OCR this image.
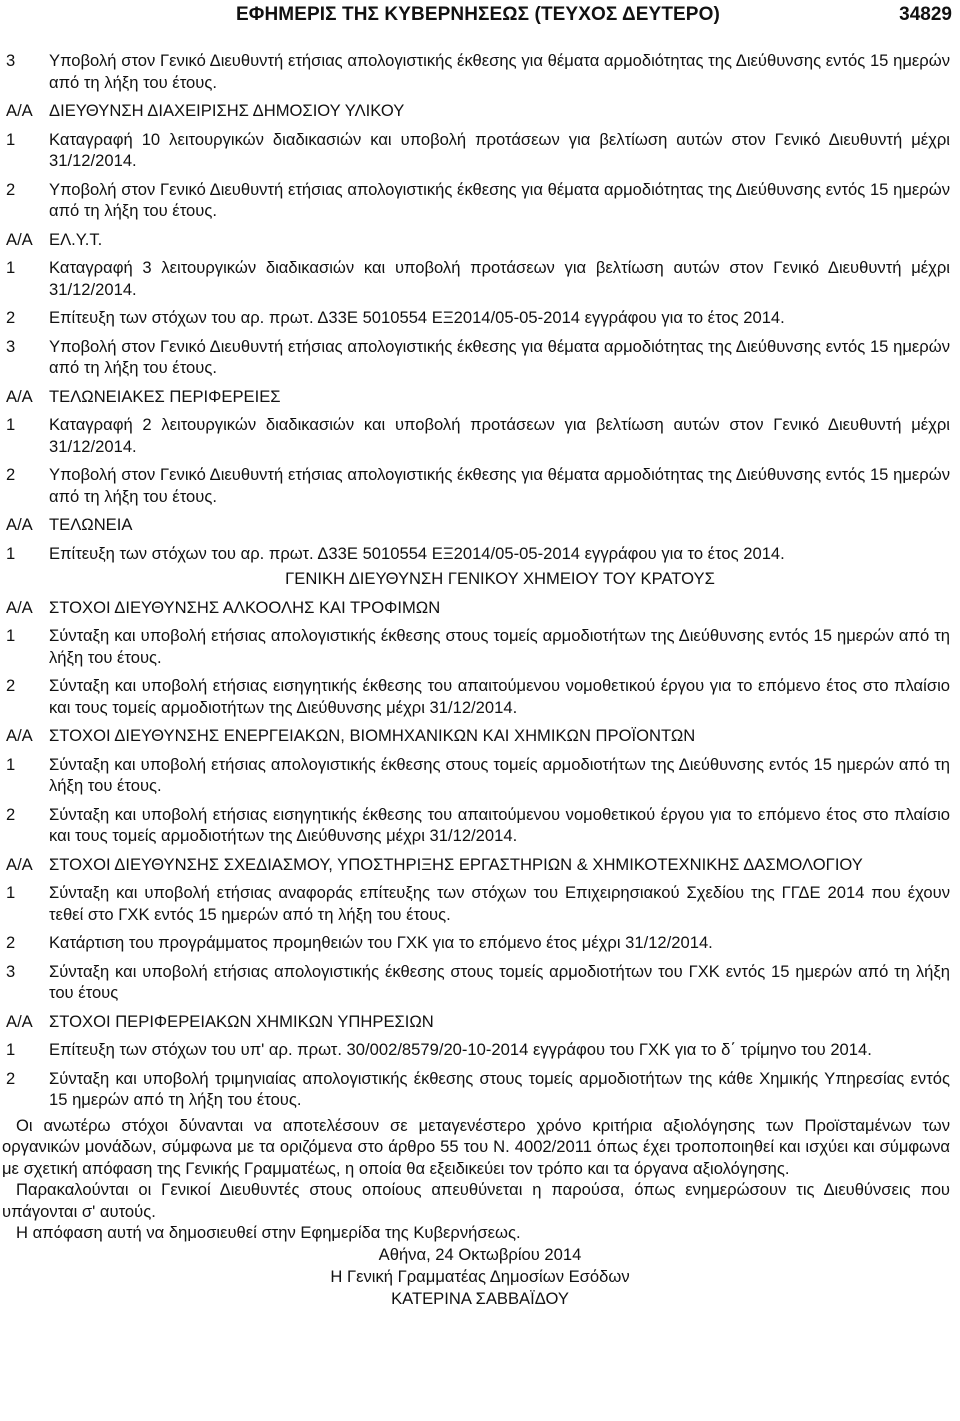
ΕΦΗΜΕΡΙΣ ΤΗΣ ΚΥΒΕΡΝΗΣΕΩΣ (ΤΕΥΧΟΣ ΔΕΥΤΕΡΟ)	34829
3 Υποβολή στον Γενικό Διευθυντή ετήσιας απολογιστικής έκθεσης για θέματα αρμοδιότητας της Διεύθυνσης εντός 15 ημερών από τη λήξη του έτους.
Α/Α ΔΙΕΥΘΥΝΣΗ ΔΙΑΧΕΙΡΙΣΗΣ ΔΗΜΟΣΙΟΥ ΥΛΙΚΟΥ
1 Καταγραφή 10 λειτουργικών διαδικασιών και υποβολή προτάσεων για βελτίωση αυτών στον Γενικό Διευθυντή μέχρι 31/12/2014.
2 Υποβολή στον Γενικό Διευθυντή ετήσιας απολογιστικής έκθεσης για θέματα αρμοδιότητας της Διεύθυνσης εντός 15 ημερών από τη λήξη του έτους.
Α/Α ΕΛ.Υ.Τ.
1 Καταγραφή 3 λειτουργικών διαδικασιών και υποβολή προτάσεων για βελτίωση αυτών στον Γενικό Διευθυντή μέχρι 31/12/2014.
2 Επίτευξη των στόχων του αρ. πρωτ. Δ33Ε 5010554 ΕΞ2014/05-05-2014 εγγράφου για το έτος 2014.
3 Υποβολή στον Γενικό Διευθυντή ετήσιας απολογιστικής έκθεσης για θέματα αρμοδιότητας της Διεύθυνσης εντός 15 ημερών από τη λήξη του έτους.
Α/Α ΤΕΛΩΝΕΙΑΚΕΣ ΠΕΡΙΦΕΡΕΙΕΣ
1 Καταγραφή 2 λειτουργικών διαδικασιών και υποβολή προτάσεων για βελτίωση αυτών στον Γενικό Διευθυντή μέχρι 31/12/2014.
2 Υποβολή στον Γενικό Διευθυντή ετήσιας απολογιστικής έκθεσης για θέματα αρμοδιότητας της Διεύθυνσης εντός 15 ημερών από τη λήξη του έτους.
Α/Α ΤΕΛΩΝΕΙΑ
1 Επίτευξη των στόχων του αρ. πρωτ. Δ33Ε 5010554 ΕΞ2014/05-05-2014 εγγράφου για το έτος 2014.
ΓΕΝΙΚΗ ΔΙΕΥΘΥΝΣΗ ΓΕΝΙΚΟΥ ΧΗΜΕΙΟΥ ΤΟΥ ΚΡΑΤΟΥΣ
Α/Α ΣΤΟΧΟΙ ΔΙΕΥΘΥΝΣΗΣ ΑΛΚΟΟΛΗΣ ΚΑΙ ΤΡΟΦΙΜΩΝ
1 Σύνταξη και υποβολή ετήσιας απολογιστικής έκθεσης στους τομείς αρμοδιοτήτων της Διεύθυνσης εντός 15 ημερών από τη λήξη του έτους.
2 Σύνταξη και υποβολή ετήσιας εισηγητικής έκθεσης του απαιτούμενου νομοθετικού έργου για το επόμενο έτος στο πλαίσιο και τους τομείς αρμοδιοτήτων της Διεύθυνσης μέχρι 31/12/2014.
Α/Α ΣΤΟΧΟΙ ΔΙΕΥΘΥΝΣΗΣ ΕΝΕΡΓΕΙΑΚΩΝ, ΒΙΟΜΗΧΑΝΙΚΩΝ ΚΑΙ ΧΗΜΙΚΩΝ ΠΡΟΪΟΝΤΩΝ
1 Σύνταξη και υποβολή ετήσιας απολογιστικής έκθεσης στους τομείς αρμοδιοτήτων της Διεύθυνσης εντός 15 ημερών από τη λήξη του έτους.
2 Σύνταξη και υποβολή ετήσιας εισηγητικής έκθεσης του απαιτούμενου νομοθετικού έργου για το επόμενο έτος στο πλαίσιο και τους τομείς αρμοδιοτήτων της Διεύθυνσης μέχρι 31/12/2014.
Α/Α ΣΤΟΧΟΙ ΔΙΕΥΘΥΝΣΗΣ ΣΧΕΔΙΑΣΜΟΥ, ΥΠΟΣΤΗΡΙΞΗΣ ΕΡΓΑΣΤΗΡΙΩΝ & ΧΗΜΙΚΟΤΕΧΝΙΚΗΣ ΔΑΣΜΟΛΟΓΙΟΥ
1 Σύνταξη και υποβολή ετήσιας αναφοράς επίτευξης των στόχων του Επιχειρησιακού Σχεδίου της ΓΓΔΕ 2014 που έχουν τεθεί στο ΓΧΚ εντός 15 ημερών από τη λήξη του έτους.
2 Κατάρτιση του προγράμματος προμηθειών του ΓΧΚ για το επόμενο έτος μέχρι 31/12/2014.
3 Σύνταξη και υποβολή ετήσιας απολογιστικής έκθεσης στους τομείς αρμοδιοτήτων του ΓΧΚ εντός 15 ημερών από τη λήξη του έτους
Α/Α ΣΤΟΧΟΙ ΠΕΡΙΦΕΡΕΙΑΚΩΝ ΧΗΜΙΚΩΝ ΥΠΗΡΕΣΙΩΝ
1 Επίτευξη των στόχων του υπ' αρ. πρωτ. 30/002/8579/20-10-2014 εγγράφου του ΓΧΚ για το δ΄ τρίμηνο του 2014.
2 Σύνταξη και υποβολή τριμηνιαίας απολογιστικής έκθεσης στους τομείς αρμοδιοτήτων της κάθε Χημικής Υπηρεσίας εντός 15 ημερών από τη λήξη του έτους.

Οι ανωτέρω στόχοι δύνανται να αποτελέσουν σε μεταγενέστερο χρόνο κριτήρια αξιολόγησης των Προϊσταμένων των οργανικών μονάδων, σύμφωνα με τα οριζόμενα στο άρθρο 55 του Ν. 4002/2011 όπως έχει τροποποιηθεί και ισχύει και σύμφωνα με σχετική απόφαση της Γενικής Γραμματέως, η οποία θα εξειδικεύει τον τρόπο και τα όργανα αξιολόγησης.

Παρακαλούνται οι Γενικοί Διευθυντές στους οποίους απευθύνεται η παρούσα, όπως ενημερώσουν τις Διευθύνσεις που υπάγονται σ' αυτούς.

Η απόφαση αυτή να δημοσιευθεί στην Εφημερίδα της Κυβερνήσεως.

Αθήνα, 24 Οκτωβρίου 2014
Η Γενική Γραμματέας Δημοσίων Εσόδων
ΚΑΤΕΡΙΝΑ ΣΑΒΒΑΪΔΟΥ
